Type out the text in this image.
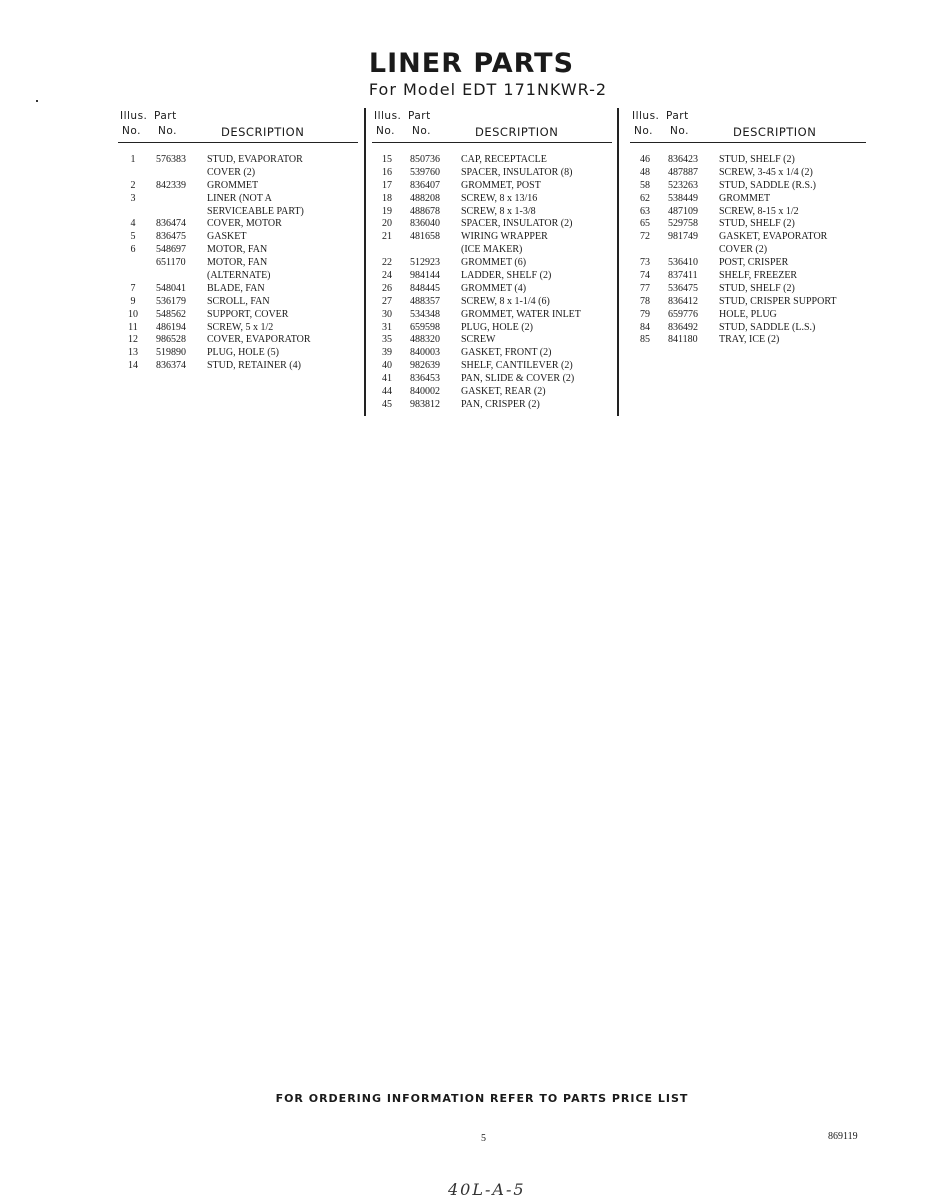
LINER PARTS
For Model EDT 171NKWR-2
Illus. Part
No. No.	DESCRIPTION
1	576383 STUD, EVAPORATOR
COVER (2)
2	842339 GROMMET
3	LINER (NOT A
SERVICEABLE PART)
4	836474 COVER, MOTOR
5	836475 GASKET
6	548697 MOTOR, FAN
651170 MOTOR, FAN
(ALTERNATE)
7	548041 BLADE, FAN
9	536179 SCROLL, FAN
10	548562 SUPPORT, COVER
11	486194 SCREW, 5 x 1/2
12	986528 COVER, EVAPORATOR
13	519890 PLUG, HOLE (5)
14	836374 STUD, RETAINER (4)
Illus. Part
No. No.	DESCRIPTION
15	850736 CAP, RECEPTACLE
16	539760 SPACER, INSULATOR (8)
17	836407 GROMMET, POST
18	488208 SCREW, 8 x 13/16
19	488678 SCREW, 8 x 1-3/8
20	836040 SPACER, INSULATOR (2)
21	481658 WIRING WRAPPER
(ICE MAKER)
22	512923 GROMMET (6)
24	984144 LADDER, SHELF (2)
26	848445 GROMMET (4)
27	488357 SCREW, 8 x 1-1/4 (6)
30	534348 GROMMET, WATER INLET
31	659598 PLUG, HOLE (2)
35	488320 SCREW
39	840003 GASKET, FRONT (2)
40	982639 SHELF, CANTILEVER (2)
41	836453 PAN, SLIDE & COVER (2)
44	840002 GASKET, REAR (2)
45	983812 PAN, CRISPER (2)
Illus. Part
No. No.	DESCRIPTION
46	836423 STUD, SHELF (2)
48	487887 SCREW, 3-45 x 1/4 (2)
58	523263 STUD, SADDLE (R.S.)
62	538449 GROMMET
63	487109 SCREW, 8-15 x 1/2
65	529758 STUD, SHELF (2)
72	981749 GASKET, EVAPORATOR
COVER (2)
73	536410 POST, CRISPER
74	837411 SHELF, FREEZER
77	536475 STUD, SHELF (2)
78	836412 STUD, CRISPER SUPPORT
79	659776 HOLE, PLUG
84	836492 STUD, SADDLE (L.S.)
85	841180 TRAY, ICE (2)
FOR ORDERING INFORMATION REFER TO PARTS PRICE LIST
5	869119
40L-A-5
